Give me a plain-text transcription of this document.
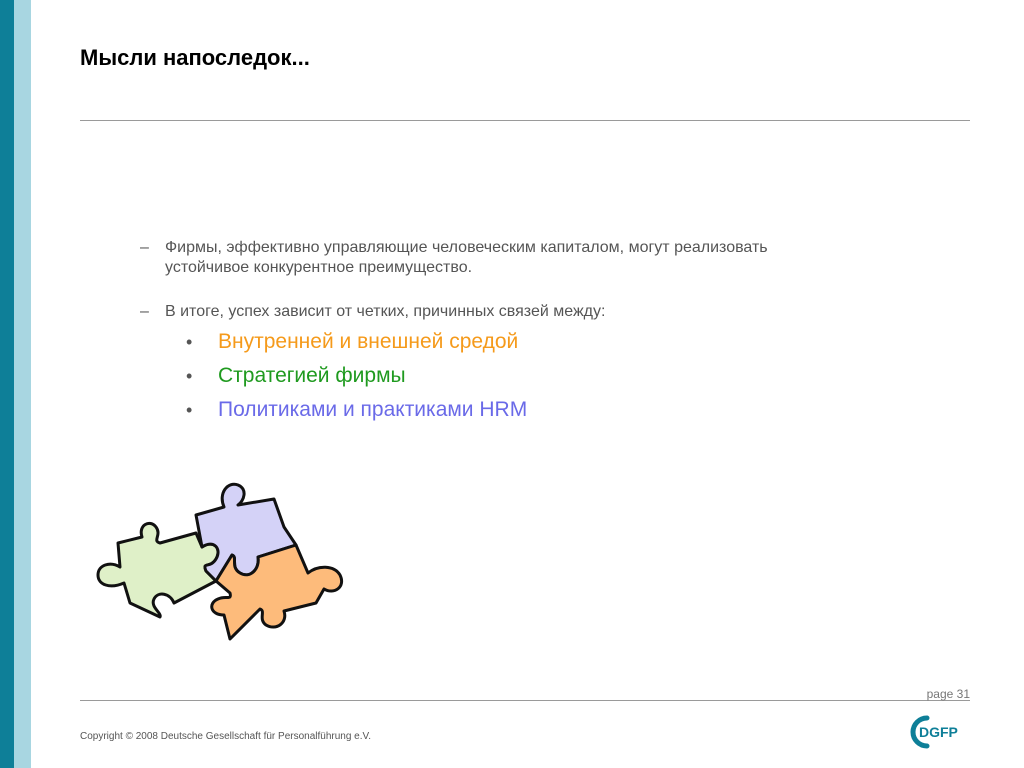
Мысли напоследок...
– Фирмы, эффективно управляющие человеческим капиталом, могут реализовать устойчивое конкурентное преимущество.
– В итоге, успех зависит от четких, причинных связей между:
• Внутренней и внешней средой
• Стратегией фирмы
• Политиками и практиками HRM
page 31
Copyright © 2008 Deutsche Gesellschaft für Personalführung e.V.	DGFP
